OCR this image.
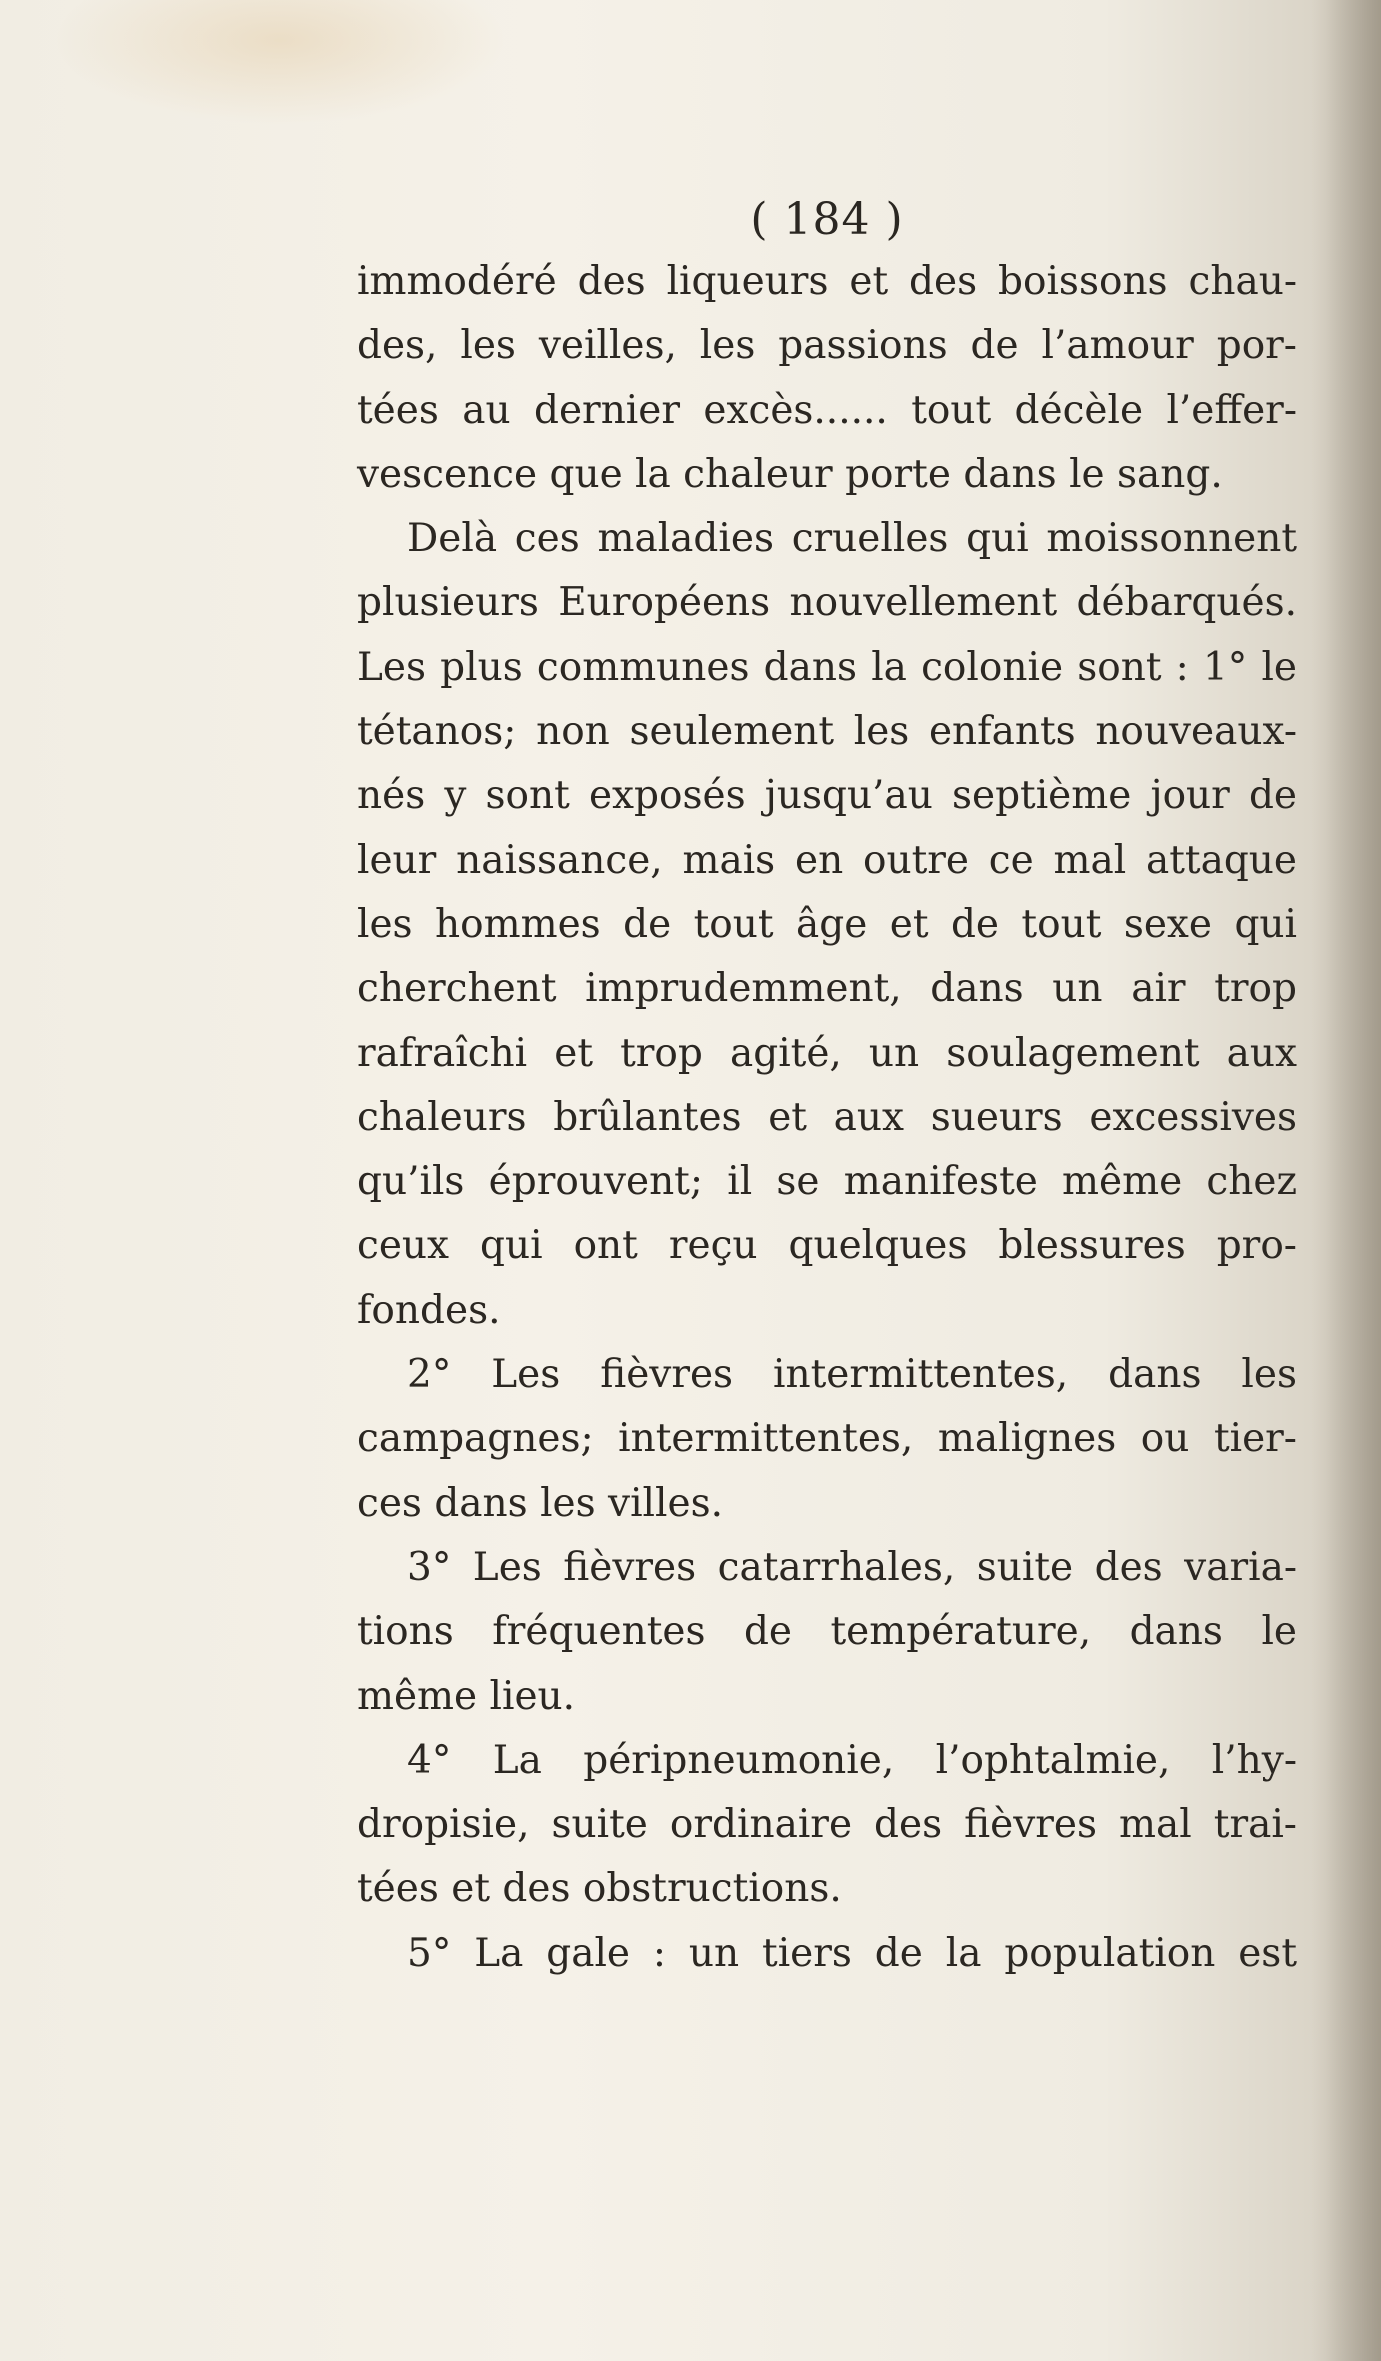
( 184 )
immodéré des liqueurs et des boissons chau-
des, les veilles, les passions de l’amour por-
tées au dernier excès...... tout décèle l’effer-
vescence que la chaleur porte dans le sang.
Delà ces maladies cruelles qui moissonnent
plusieurs Européens nouvellement débarqués.
Les plus communes dans la colonie sont : 1° le
tétanos; non seulement les enfants nouveaux-
nés y sont exposés jusqu’au septième jour de
leur naissance, mais en outre ce mal attaque
les hommes de tout âge et de tout sexe qui
cherchent imprudemment, dans un air trop
rafraîchi et trop agité, un soulagement aux
chaleurs brûlantes et aux sueurs excessives
qu’ils éprouvent; il se manifeste même chez
ceux qui ont reçu quelques blessures pro-
fondes.
2° Les fièvres intermittentes, dans les
campagnes; intermittentes, malignes ou tier-
ces dans les villes.
3° Les fièvres catarrhales, suite des varia-
tions fréquentes de température, dans le
même lieu.
4° La péripneumonie, l’ophtalmie, l’hy-
dropisie, suite ordinaire des fièvres mal trai-
tées et des obstructions.
5° La gale : un tiers de la population est
